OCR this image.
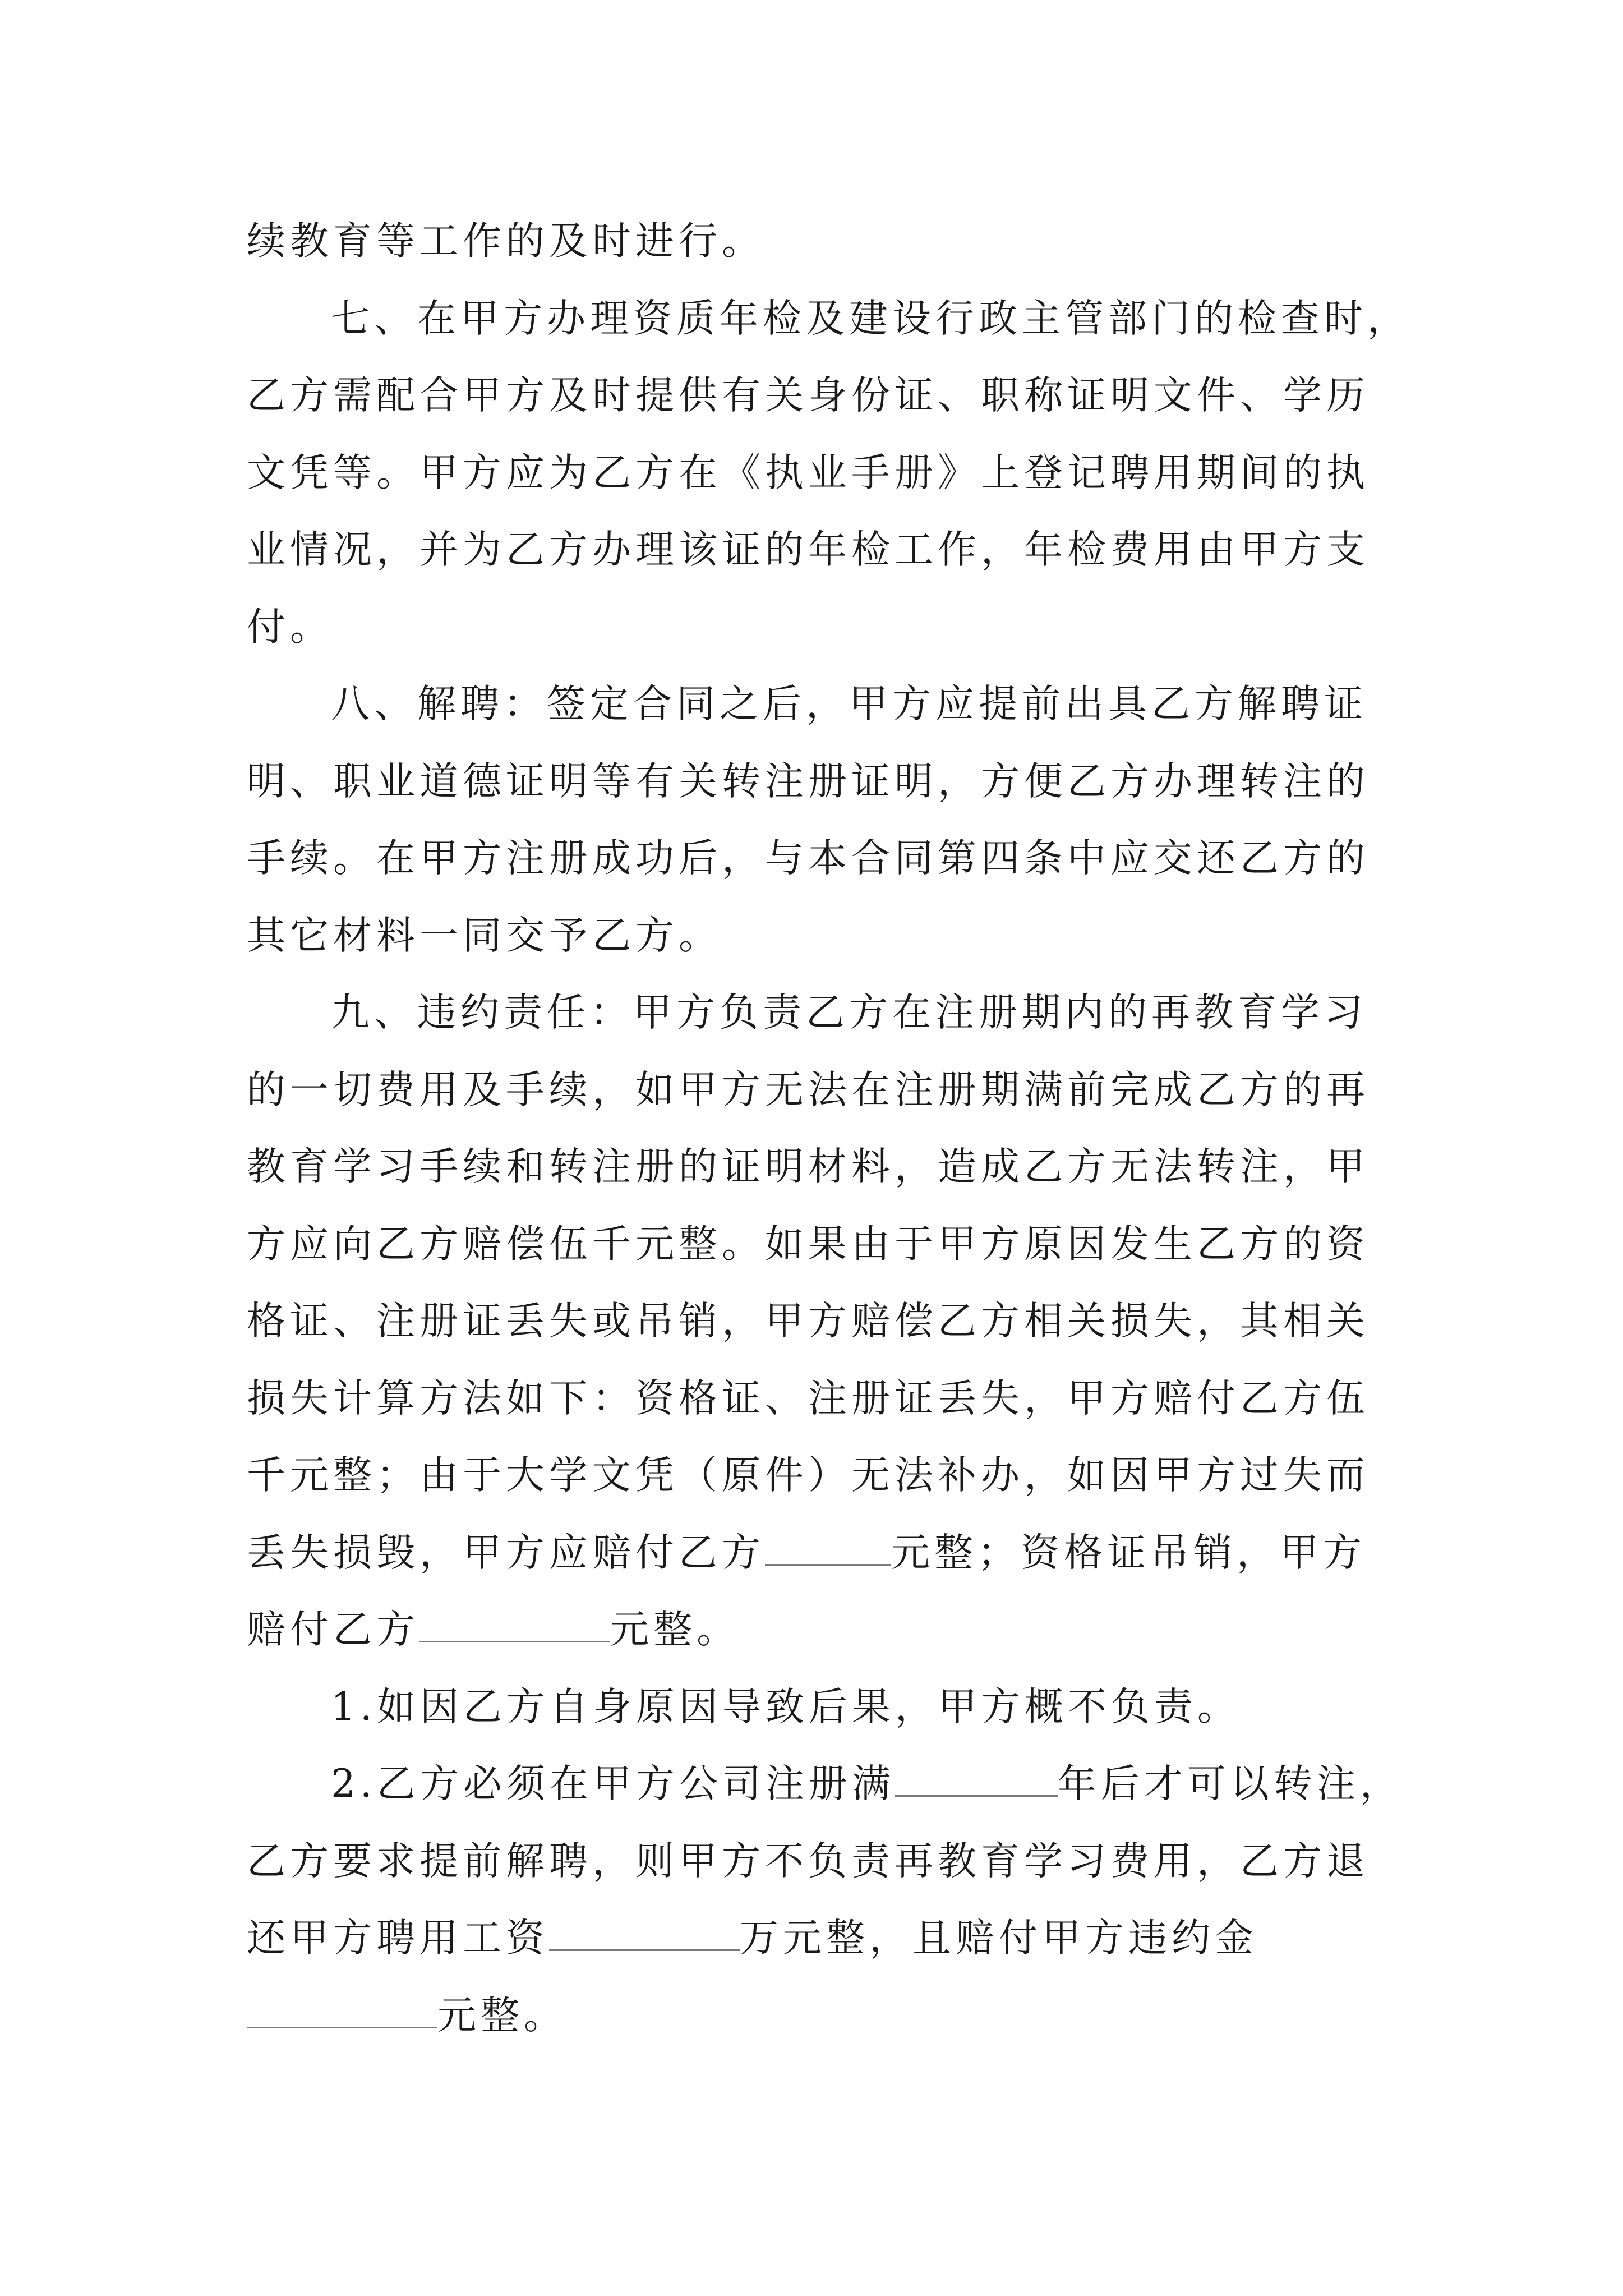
续教育等工作的及时进行。
七、在甲方办理资质年检及建设行政主管部门的检查时，
乙方需配合甲方及时提供有关身份证、职称证明文件、学历
文凭等。甲方应为乙方在《执业手册》上登记聘用期间的执
业情况，并为乙方办理该证的年检工作，年检费用由甲方支
付。
八、解聘：签定合同之后，甲方应提前出具乙方解聘证
明、职业道德证明等有关转注册证明，方便乙方办理转注的
手续。在甲方注册成功后，与本合同第四条中应交还乙方的
其它材料一同交予乙方。
九、违约责任：甲方负责乙方在注册期内的再教育学习
的一切费用及手续，如甲方无法在注册期满前完成乙方的再
教育学习手续和转注册的证明材料，造成乙方无法转注，甲
方应向乙方赔偿伍千元整。如果由于甲方原因发生乙方的资
格证、注册证丢失或吊销，甲方赔偿乙方相关损失，其相关
损失计算方法如下：资格证、注册证丢失，甲方赔付乙方伍
千元整；由于大学文凭（原件）无法补办，如因甲方过失而
丢失损毁，甲方应赔付乙方	元整；资格证吊销，甲方
赔付乙方	元整。
1.如因乙方自身原因导致后果，甲方概不负责。
2.乙方必须在甲方公司注册满	年后才可以转注，
乙方要求提前解聘，则甲方不负责再教育学习费用，乙方退
还甲方聘用工资	万元整，且赔付甲方违约金
元整。
